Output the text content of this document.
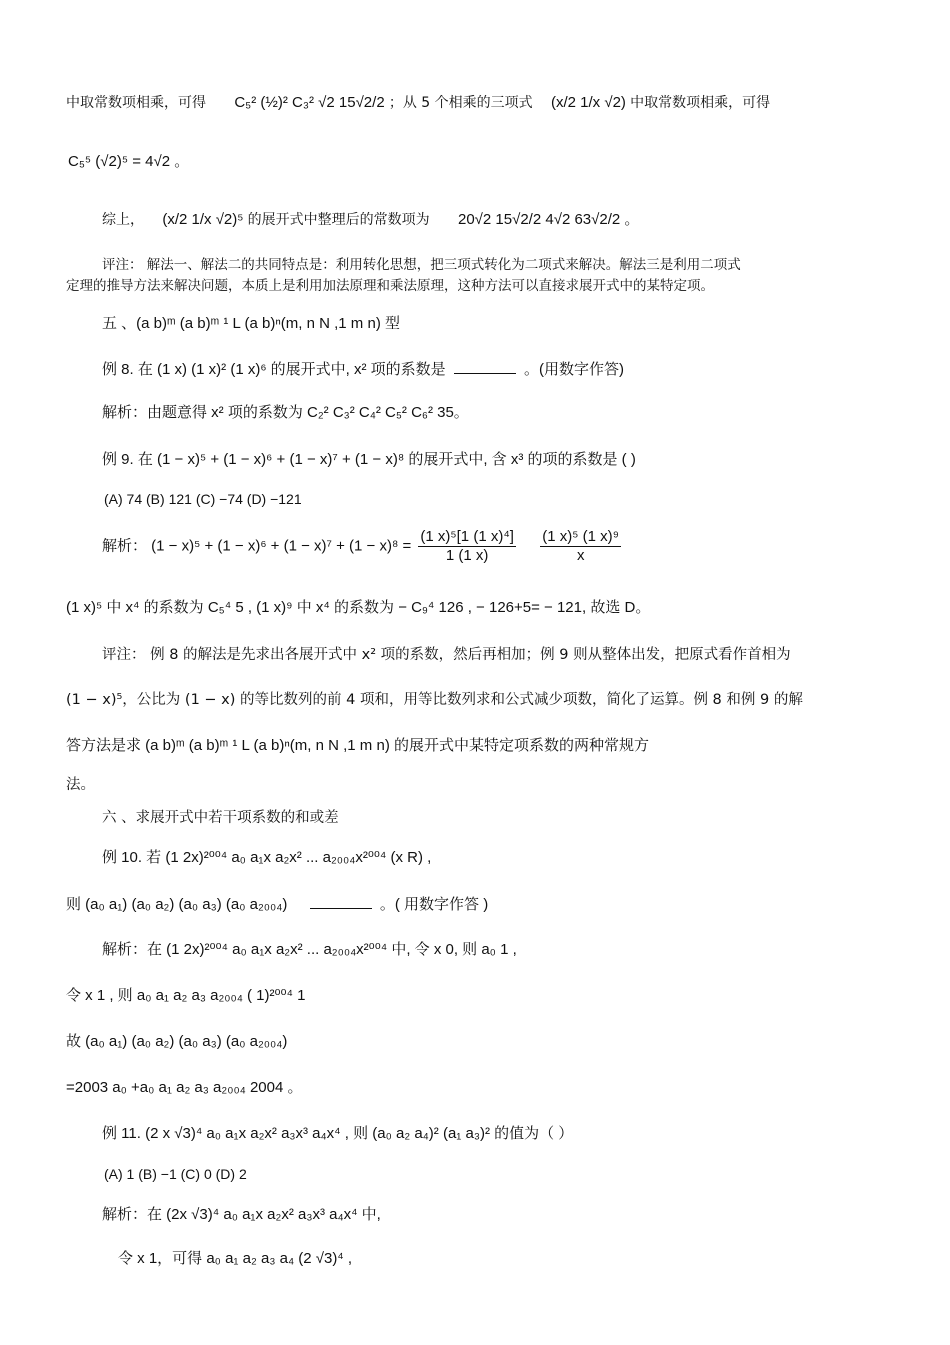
中取常数项相乘，可得 C₅² (½)² C₃² √2 15√2/2 ；从 5 个相乘的三项式 (x/2 1/x √2) 中取常数项相乘，可得
C₅⁵ (√2)⁵ = 4√2 。
综上， (x/2 1/x √2)⁵ 的展开式中整理后的常数项为 20√2 15√2/2 4√2 63√2/2 。
评注： 解法一、解法二的共同特点是：利用转化思想，把三项式转化为二项式来解决。解法三是利用二项式
定理的推导方法来解决问题，本质上是利用加法原理和乘法原理，这种方法可以直接求展开式中的某特定项。
五 、(a b)ᵐ (a b)ᵐ ¹ L (a b)ⁿ(m, n N ,1 m n) 型
例 8. 在 (1 x) (1 x)² (1 x)⁶ 的展开式中, x² 项的系数是	。(用数字作答)
解析：由题意得 x² 项的系数为 C₂² C₃² C₄² C₅² C₆² 35。
例 9. 在 (1 − x)⁵ + (1 − x)⁶ + (1 − x)⁷ + (1 − x)⁸ 的展开式中, 含 x³ 的项的系数是 ( )
(A) 74 (B) 121 (C) −74 (D) −121
解析： $(1 - x)^5 + (1 - x)^6 + (1 - x)^7 + (1 - x)^8 = \frac{\text{(1 x)⁵[1 (1 x)⁴]}}{1 (1 x)}$
$\frac{\text{(1 x)⁵ (1 x)⁹}}{x}$
(1 x)⁵ 中 x⁴ 的系数为 C₅⁴ 5 , (1 x)⁹ 中 x⁴ 的系数为 − C₉⁴ 126 , − 126+5= − 121, 故选 D。
评注： 例 8 的解法是先求出各展开式中 x² 项的系数，然后再相加；例 9 则从整体出发，把原式看作首相为
(1 − x)⁵，公比为 (1 − x) 的等比数列的前 4 项和，用等比数列求和公式减少项数，简化了运算。例 8 和例 9 的解
答方法是求 (a b)ᵐ (a b)ᵐ ¹ L (a b)ⁿ(m, n N ,1 m n) 的展开式中某特定项系数的两种常规方
法。
六 、求展开式中若干项系数的和或差
例 10. 若 (1 2x)²⁰⁰⁴ a₀ a₁x a₂x² ... a₂₀₀₄x²⁰⁰⁴ (x R) ,
则 (a₀ a₁) (a₀ a₂) (a₀ a₃) (a₀ a₂₀₀₄)	。( 用数字作答 )
解析：在 (1 2x)²⁰⁰⁴ a₀ a₁x a₂x² ... a₂₀₀₄x²⁰⁰⁴ 中, 令 x 0, 则 a₀ 1 ,
令 x 1 , 则 a₀ a₁ a₂ a₃ a₂₀₀₄ ( 1)²⁰⁰⁴ 1
故 (a₀ a₁) (a₀ a₂) (a₀ a₃) (a₀ a₂₀₀₄)
=2003 a₀ +a₀ a₁ a₂ a₃ a₂₀₀₄ 2004 。
例 11. (2 x √3)⁴ a₀ a₁x a₂x² a₃x³ a₄x⁴ , 则 (a₀ a₂ a₄)² (a₁ a₃)² 的值为（ ）
(A) 1 (B) −1 (C) 0 (D) 2
解析：在 (2x √3)⁴ a₀ a₁x a₂x² a₃x³ a₄x⁴ 中,
令 x 1，可得 a₀ a₁ a₂ a₃ a₄ (2 √3)⁴ ,
